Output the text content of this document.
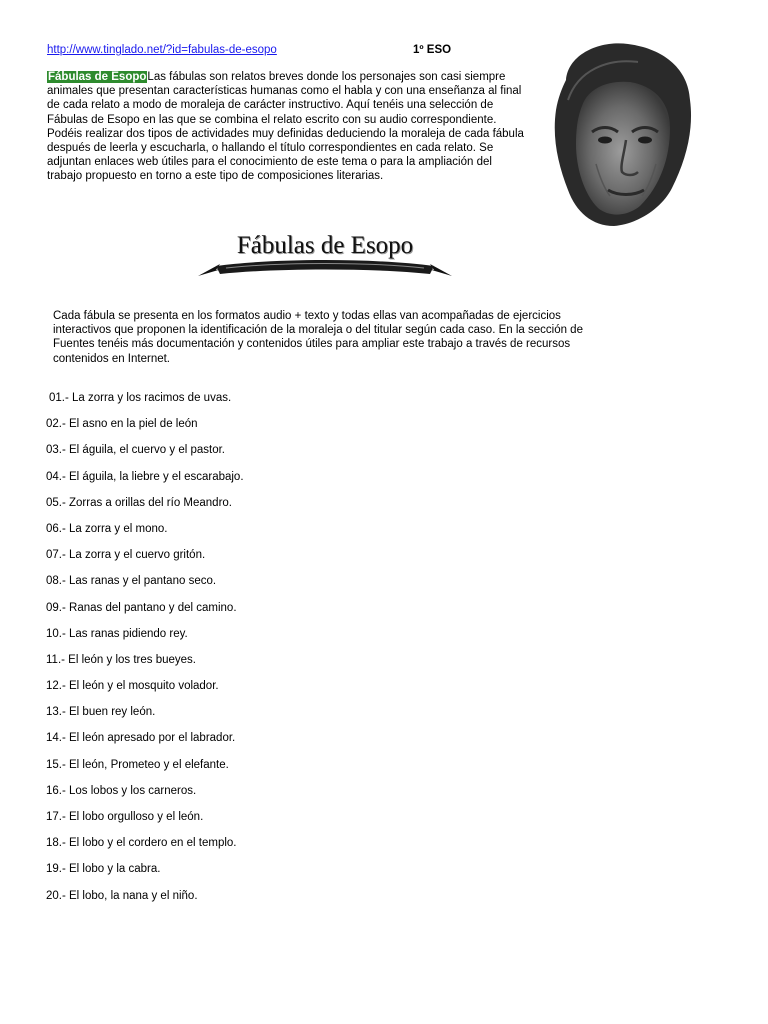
http://www.tinglado.net/?id=fabulas-de-esopo	1º ESO
Fábulas de EsopoLas fábulas son relatos breves donde los personajes son casi siempre animales que presentan características humanas como el habla y con una enseñanza al final de cada relato a modo de moraleja de carácter instructivo. Aquí tenéis una selección de Fábulas de Esopo en las que se combina el relato escrito con su audio correspondiente. Podéis realizar dos tipos de actividades muy definidas deduciendo la moraleja de cada fábula después de leerla y escucharla, o hallando el título correspondientes en cada relato. Se adjuntan enlaces web útiles para el conocimiento de este tema o para la ampliación del trabajo propuesto en torno a este tipo de composiciones literarias.
Fábulas de Esopo
Cada fábula se presenta en los formatos audio + texto y todas ellas van acompañadas de ejercicios interactivos que proponen la identificación de la moraleja o del titular según cada caso. En la sección de Fuentes tenéis más documentación y contenidos útiles para ampliar este trabajo a través de recursos contenidos en Internet.
01.- La zorra y los racimos de uvas.
02.- El asno en la piel de león
03.- El águila, el cuervo y el pastor.
04.- El águila, la liebre y el escarabajo.
05.- Zorras a orillas del río Meandro.
06.- La zorra y el mono.
07.- La zorra y el cuervo gritón.
08.- Las ranas y el pantano seco.
09.- Ranas del pantano y del camino.
10.- Las ranas pidiendo rey.
11.- El león y los tres bueyes.
12.- El león y el mosquito volador.
13.- El buen rey león.
14.- El león apresado por el labrador.
15.- El león, Prometeo y el elefante.
16.- Los lobos y los carneros.
17.- El lobo orgulloso y el león.
18.- El lobo y el cordero en el templo.
19.- El lobo y la cabra.
20.- El lobo, la nana y el niño.
